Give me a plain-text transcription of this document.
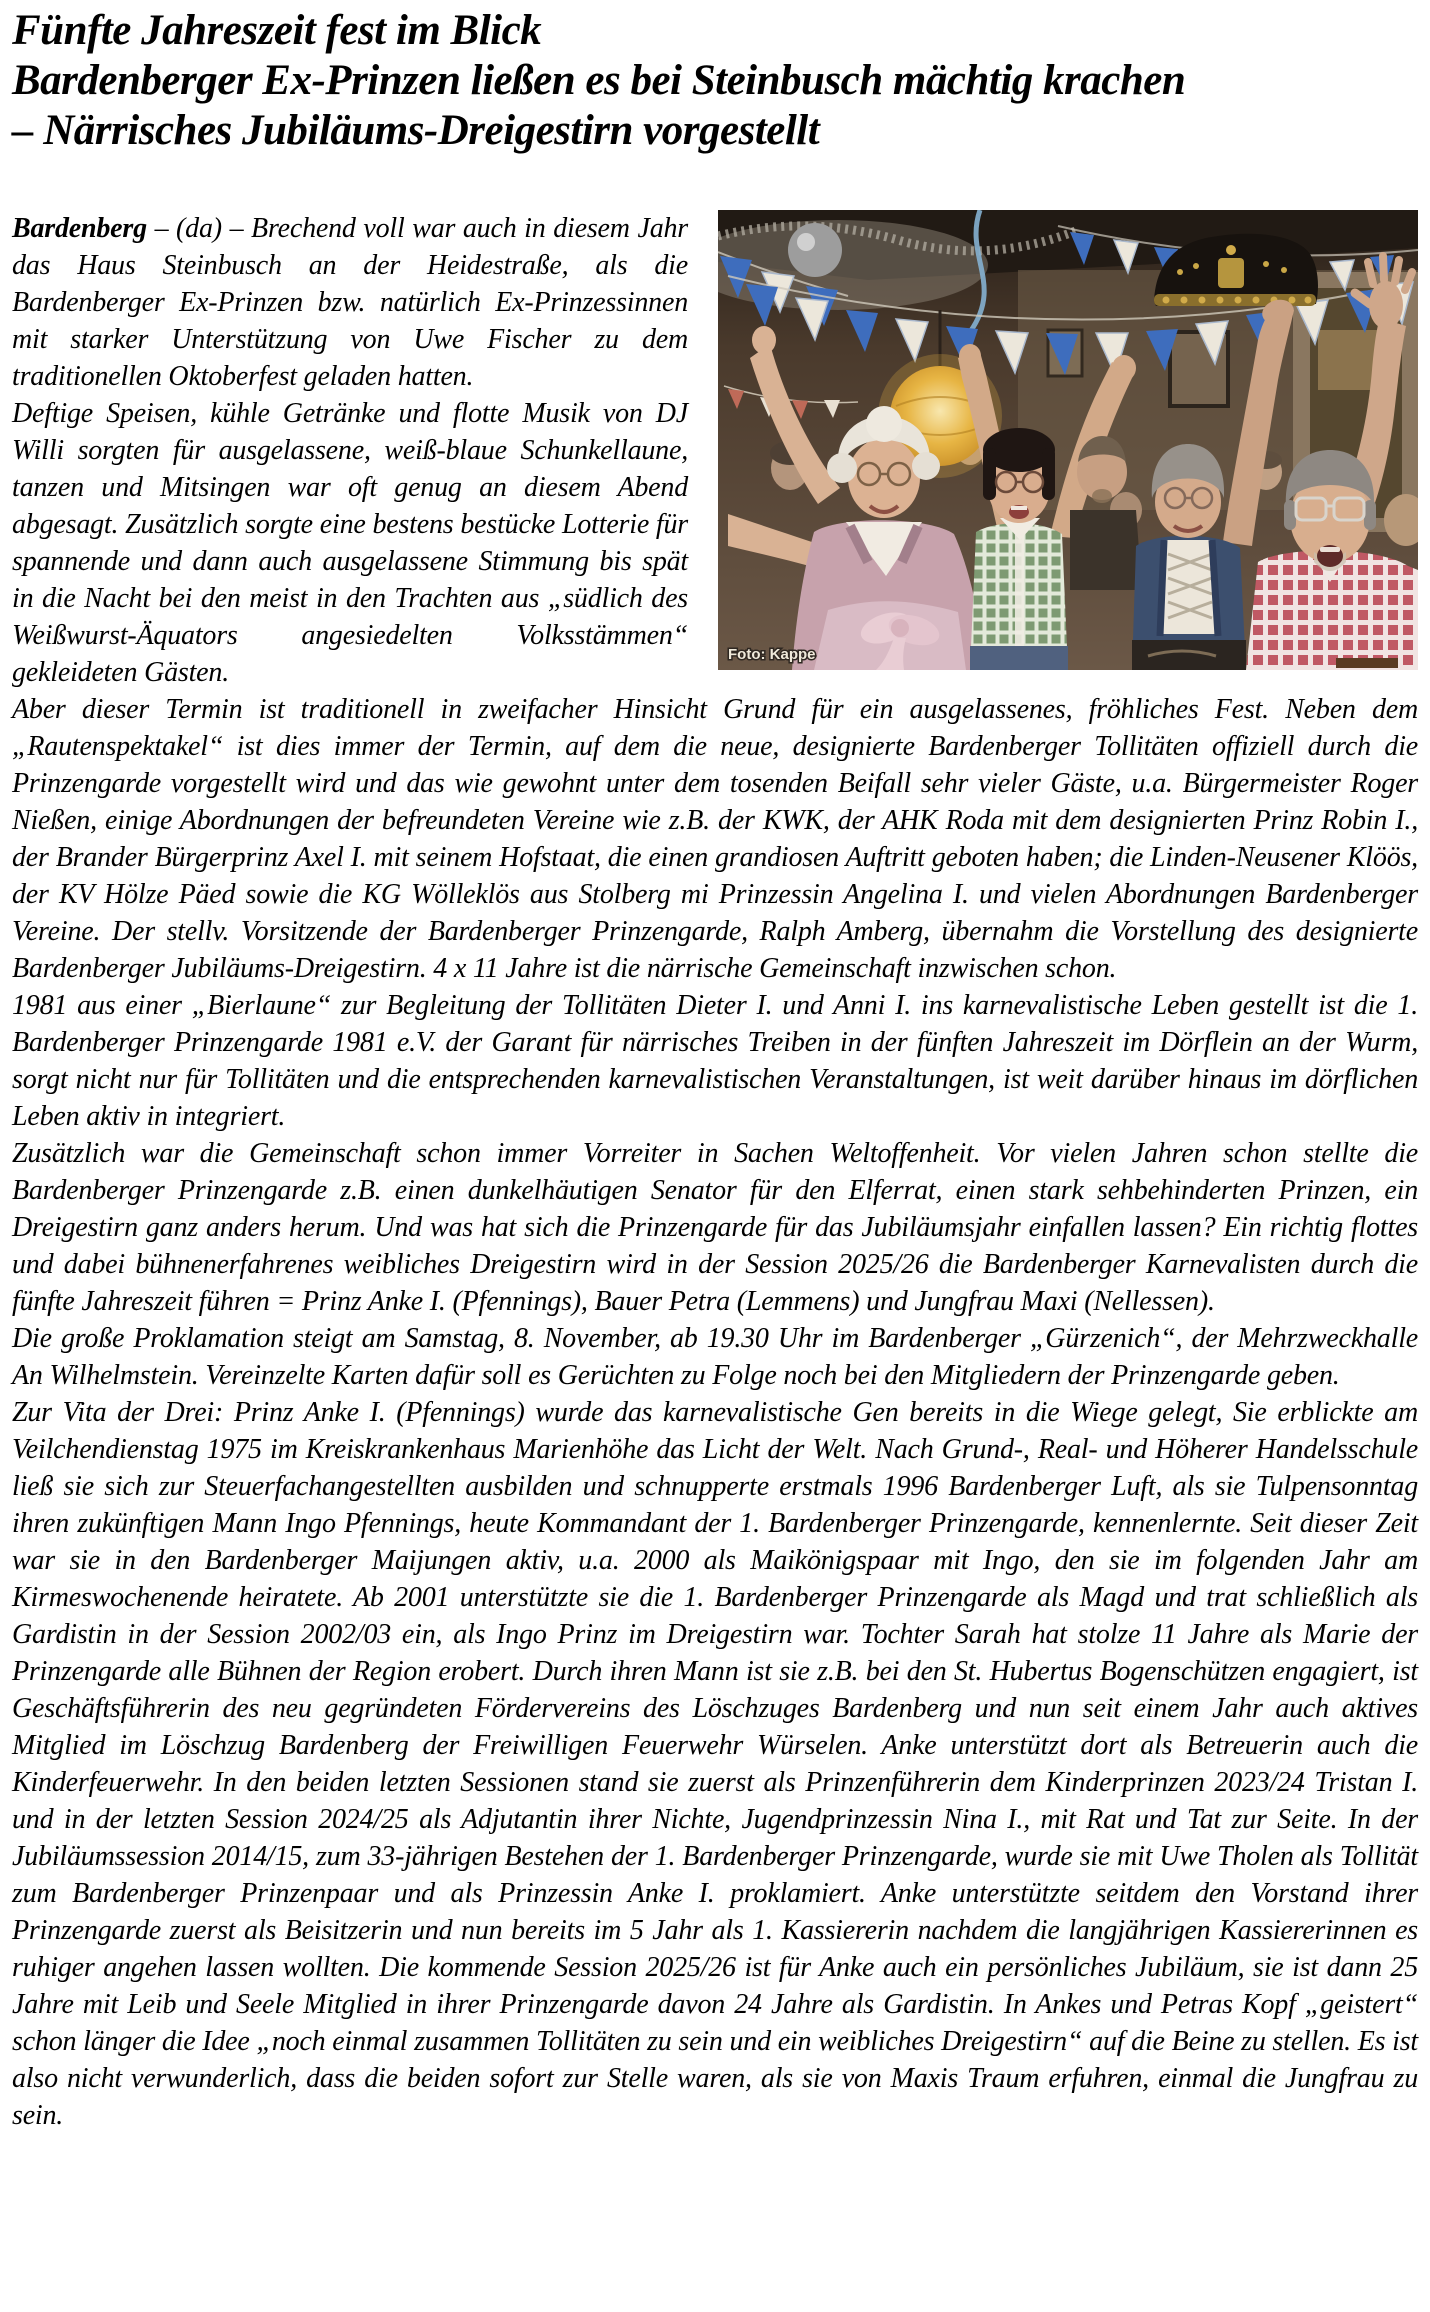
Fünfte Jahreszeit fest im Blick
Bardenberger Ex-Prinzen ließen es bei Steinbusch mächtig krachen
– Närrisches Jubiläums-Dreigestirn vorgestellt

Bardenberg – (da) – Brechend voll war auch in diesem Jahr das Haus Steinbusch an der Heidestraße, als die Bardenberger Ex-Prinzen bzw. natürlich Ex-Prinzessinnen mit starker Unterstützung von Uwe Fischer zu dem traditionellen Oktoberfest geladen hatten.

Deftige Speisen, kühle Getränke und flotte Musik von DJ Willi sorgten für ausgelassene, weiß-blaue Schunkellaune, tanzen und Mitsingen war oft genug an diesem Abend abgesagt. Zusätzlich sorgte eine bestens bestücke Lotterie für spannende und dann auch ausgelassene Stimmung bis spät in die Nacht bei den meist in den Trachten aus „südlich des Weißwurst-Äquators angesiedelten Volksstämmen“ gekleideten Gästen.

Foto: Kappe

Aber dieser Termin ist traditionell in zweifacher Hinsicht Grund für ein ausgelassenes, fröhliches Fest. Neben dem „Rautenspektakel“ ist dies immer der Termin, auf dem die neue, designierte Bardenberger Tollitäten offiziell durch die Prinzengarde vorgestellt wird und das wie gewohnt unter dem tosenden Beifall sehr vieler Gäste, u.a. Bürgermeister Roger Nießen, einige Abordnungen der befreundeten Vereine wie z.B. der KWK, der AHK Roda mit dem designierten Prinz Robin I., der Brander Bürgerprinz Axel I. mit seinem Hofstaat, die einen grandiosen Auftritt geboten haben; die Linden-Neusener Klöös, der KV Hölze Päed sowie die KG Wölleklös aus Stolberg mi Prinzessin Angelina I. und vielen Abordnungen Bardenberger Vereine. Der stellv. Vorsitzende der Bardenberger Prinzengarde, Ralph Amberg, übernahm die Vorstellung des designierte Bardenberger Jubiläums-Dreigestirn. 4 x 11 Jahre ist die närrische Gemeinschaft inzwischen schon.

1981 aus einer „Bierlaune“ zur Begleitung der Tollitäten Dieter I. und Anni I. ins karnevalistische Leben gestellt ist die 1. Bardenberger Prinzengarde 1981 e.V. der Garant für närrisches Treiben in der fünften Jahreszeit im Dörflein an der Wurm, sorgt nicht nur für Tollitäten und die entsprechenden karnevalistischen Veranstaltungen, ist weit darüber hinaus im dörflichen Leben aktiv in integriert.

Zusätzlich war die Gemeinschaft schon immer Vorreiter in Sachen Weltoffenheit. Vor vielen Jahren schon stellte die Bardenberger Prinzengarde z.B. einen dunkelhäutigen Senator für den Elferrat, einen stark sehbehinderten Prinzen, ein Dreigestirn ganz anders herum. Und was hat sich die Prinzengarde für das Jubiläumsjahr einfallen lassen? Ein richtig flottes und dabei bühnenerfahrenes weibliches Dreigestirn wird in der Session 2025/26 die Bardenberger Karnevalisten durch die fünfte Jahreszeit führen = Prinz Anke I. (Pfennings), Bauer Petra (Lemmens) und Jungfrau Maxi (Nellessen).

Die große Proklamation steigt am Samstag, 8. November, ab 19.30 Uhr im Bardenberger „Gürzenich“, der Mehrzweckhalle An Wilhelmstein. Vereinzelte Karten dafür soll es Gerüchten zu Folge noch bei den Mitgliedern der Prinzengarde geben.

Zur Vita der Drei: Prinz Anke I. (Pfennings) wurde das karnevalistische Gen bereits in die Wiege gelegt, Sie erblickte am Veilchendienstag 1975 im Kreiskrankenhaus Marienhöhe das Licht der Welt. Nach Grund-, Real- und Höherer Handelsschule ließ sie sich zur Steuerfachangestellten ausbilden und schnupperte erstmals 1996 Bardenberger Luft, als sie Tulpensonntag ihren zukünftigen Mann Ingo Pfennings, heute Kommandant der 1. Bardenberger Prinzengarde, kennenlernte. Seit dieser Zeit war sie in den Bardenberger Maijungen aktiv, u.a. 2000 als Maikönigspaar mit Ingo, den sie im folgenden Jahr am Kirmeswochenende heiratete. Ab 2001 unterstützte sie die 1. Bardenberger Prinzengarde als Magd und trat schließlich als Gardistin in der Session 2002/03 ein, als Ingo Prinz im Dreigestirn war. Tochter Sarah hat stolze 11 Jahre als Marie der Prinzengarde alle Bühnen der Region erobert. Durch ihren Mann ist sie z.B. bei den St. Hubertus Bogenschützen engagiert, ist Geschäftsführerin des neu gegründeten Fördervereins des Löschzuges Bardenberg und nun seit einem Jahr auch aktives Mitglied im Löschzug Bardenberg der Freiwilligen Feuerwehr Würselen. Anke unterstützt dort als Betreuerin auch die Kinderfeuerwehr. In den beiden letzten Sessionen stand sie zuerst als Prinzenführerin dem Kinderprinzen 2023/24 Tristan I. und in der letzten Session 2024/25 als Adjutantin ihrer Nichte, Jugendprinzessin Nina I., mit Rat und Tat zur Seite. In der Jubiläumssession 2014/15, zum 33-jährigen Bestehen der 1. Bardenberger Prinzengarde, wurde sie mit Uwe Tholen als Tollität zum Bardenberger Prinzenpaar und als Prinzessin Anke I. proklamiert. Anke unterstützte seitdem den Vorstand ihrer Prinzengarde zuerst als Beisitzerin und nun bereits im 5 Jahr als 1. Kassiererin nachdem die langjährigen Kassiererinnen es ruhiger angehen lassen wollten. Die kommende Session 2025/26 ist für Anke auch ein persönliches Jubiläum, sie ist dann 25 Jahre mit Leib und Seele Mitglied in ihrer Prinzengarde davon 24 Jahre als Gardistin. In Ankes und Petras Kopf „geistert“ schon länger die Idee „noch einmal zusammen Tollitäten zu sein und ein weibliches Dreigestirn“ auf die Beine zu stellen. Es ist also nicht verwunderlich, dass die beiden sofort zur Stelle waren, als sie von Maxis Traum erfuhren, einmal die Jungfrau zu sein.
